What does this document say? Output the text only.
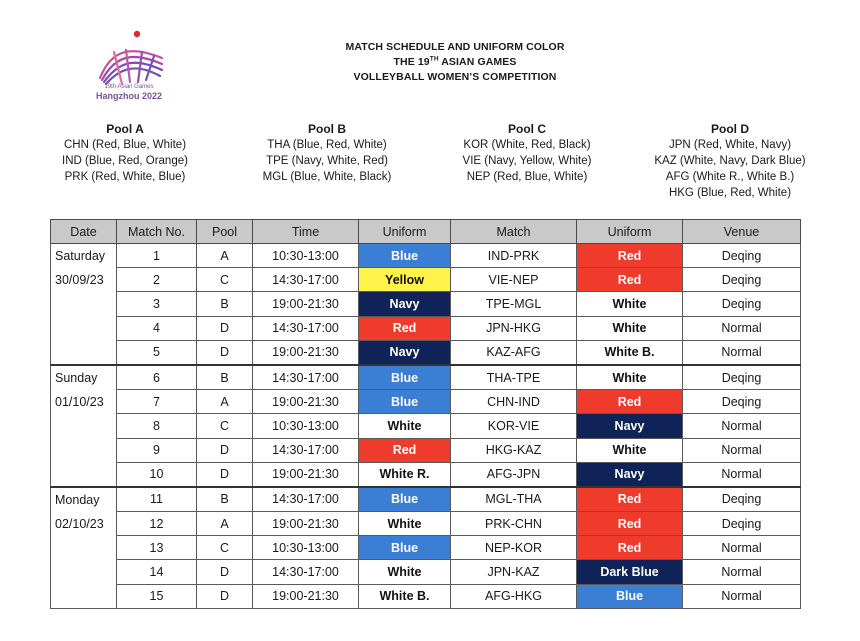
19th Asian Games
Hangzhou 2022
MATCH SCHEDULE AND UNIFORM COLOR
THE 19TH ASIAN GAMES
VOLLEYBALL WOMEN’S COMPETITION
Pool A
CHN (Red, Blue, White)
IND (Blue, Red, Orange)
PRK (Red, White, Blue)
Pool B
THA (Blue, Red, White)
TPE (Navy, White, Red)
MGL (Blue, White, Black)
Pool C
KOR (White, Red, Black)
VIE (Navy, Yellow, White)
NEP (Red, Blue, White)
Pool D
JPN (Red, White, Navy)
KAZ (White, Navy, Dark Blue)
AFG (White R., White B.)
HKG (Blue, Red, White)
Date	Match No.	Pool	Time	Uniform	Match	Uniform	Venue

Saturday
30/09/23	1	A	10:30-13:00	Blue	IND-PRK	Red	Deqing
	2	C	14:30-17:00	Yellow	VIE-NEP	Red	Deqing
	3	B	19:00-21:30	Navy	TPE-MGL	White	Deqing
	4	D	14:30-17:00	Red	JPN-HKG	White	Normal
	5	D	19:00-21:30	Navy	KAZ-AFG	White B.	Normal

Sunday
01/10/23	6	B	14:30-17:00	Blue	THA-TPE	White	Deqing
	7	A	19:00-21:30	Blue	CHN-IND	Red	Deqing
	8	C	10:30-13:00	White	KOR-VIE	Navy	Normal
	9	D	14:30-17:00	Red	HKG-KAZ	White	Normal
	10	D	19:00-21:30	White R.	AFG-JPN	Navy	Normal

Monday
02/10/23	11	B	14:30-17:00	Blue	MGL-THA	Red	Deqing
	12	A	19:00-21:30	White	PRK-CHN	Red	Deqing
	13	C	10:30-13:00	Blue	NEP-KOR	Red	Normal
	14	D	14:30-17:00	White	JPN-KAZ	Dark Blue	Normal
	15	D	19:00-21:30	White B.	AFG-HKG	Blue	Normal
